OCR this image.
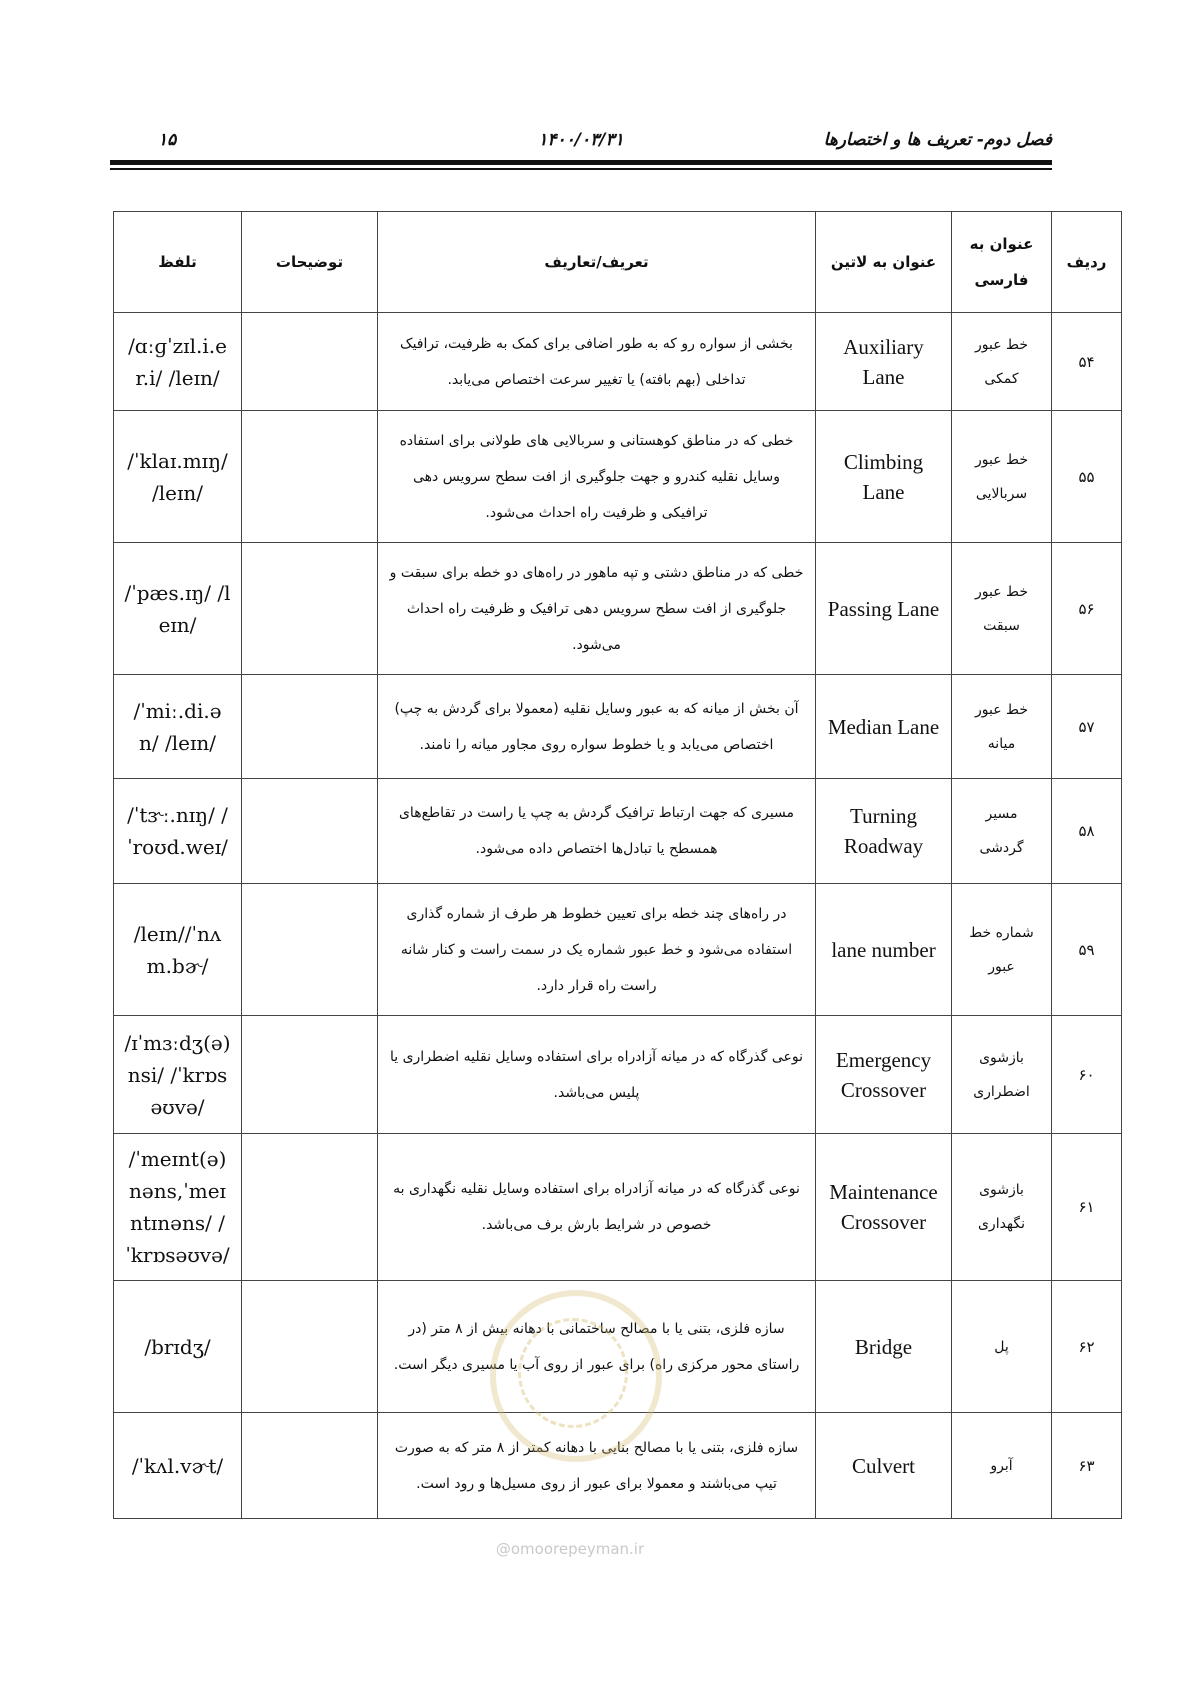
فصل دوم- تعریف ها و اختصارها
۱۴۰۰/۰۳/۳۱
۱۵
ردیف	عنوان به فارسی	عنوان به لاتین	تعریف/تعاریف	توضیحات	تلفظ
۵۴	خط عبور کمکی	Auxiliary Lane	بخشی از سواره رو که به طور اضافی برای کمک به ظرفیت، ترافیک تداخلی (بهم بافته) یا تغییر سرعت اختصاص می‌یابد.		/ɑːɡˈzɪl.i.er.i/ /leɪn/
۵۵	خط عبور سربالایی	Climbing Lane	خطی که در مناطق کوهستانی و سربالایی های طولانی برای استفاده وسایل نقلیه کندرو و جهت جلوگیری از افت سطح سرویس دهی ترافیکی و ظرفیت راه احداث می‌شود.		/ˈklaɪ.mɪŋ/ /leɪn/
۵۶	خط عبور سبقت	Passing Lane	خطی که در مناطق دشتی و تپه ماهور در راه‌های دو خطه برای سبقت و جلوگیری از افت سطح سرویس دهی ترافیک و ظرفیت راه احداث می‌شود.		/ˈpæs.ɪŋ/ /leɪn/
۵۷	خط عبور میانه	Median Lane	آن بخش از میانه که به عبور وسایل نقلیه (معمولا برای گردش به چپ) اختصاص می‌یابد و یا خطوط سواره روی مجاور میانه را نامند.		/ˈmiː.di.ən/ /leɪn/
۵۸	مسیر گردشی	Turning Roadway	مسیری که جهت ارتباط ترافیک گردش به چپ یا راست در تقاطع‌های همسطح یا تبادل‌ها اختصاص داده می‌شود.		/ˈtɝː.nɪŋ/ /ˈroʊd.weɪ/
۵۹	شماره خط عبور	lane number	در راه‌های چند خطه برای تعیین خطوط هر طرف از شماره گذاری استفاده می‌شود و خط عبور شماره یک در سمت راست و کنار شانه راست راه قرار دارد.		/leɪn//ˈnʌm.bɚ/
۶۰	بازشوی اضطراری	Emergency Crossover	نوعی گذرگاه که در میانه آزادراه برای استفاده وسایل نقلیه اضطراری یا پلیس می‌باشد.		/ɪˈmɜːdʒ(ə)nsi/ /ˈkrɒsəʊvə/
۶۱	بازشوی نگهداری	Maintenance Crossover	نوعی گذرگاه که در میانه آزادراه برای استفاده وسایل نقلیه نگهداری به خصوص در شرایط بارش برف می‌باشد.		/ˈmeɪnt(ə)nəns,ˈmeɪntɪnəns/ /ˈkrɒsəʊvə/
۶۲	پل	Bridge	سازه فلزی، بتنی یا با مصالح ساختمانی با دهانه بیش از ۸ متر (در راستای محور مرکزی راه) برای عبور از روی آب یا مسیری دیگر است.		/brɪdʒ/
۶۳	آبرو	Culvert	سازه فلزی، بتنی یا با مصالح بنایی با دهانه کمتر از ۸ متر که به صورت تیپ می‌باشند و معمولا برای عبور از روی مسیل‌ها و رود است.		/ˈkʌl.vɚt/
@omoorepeyman.ir
